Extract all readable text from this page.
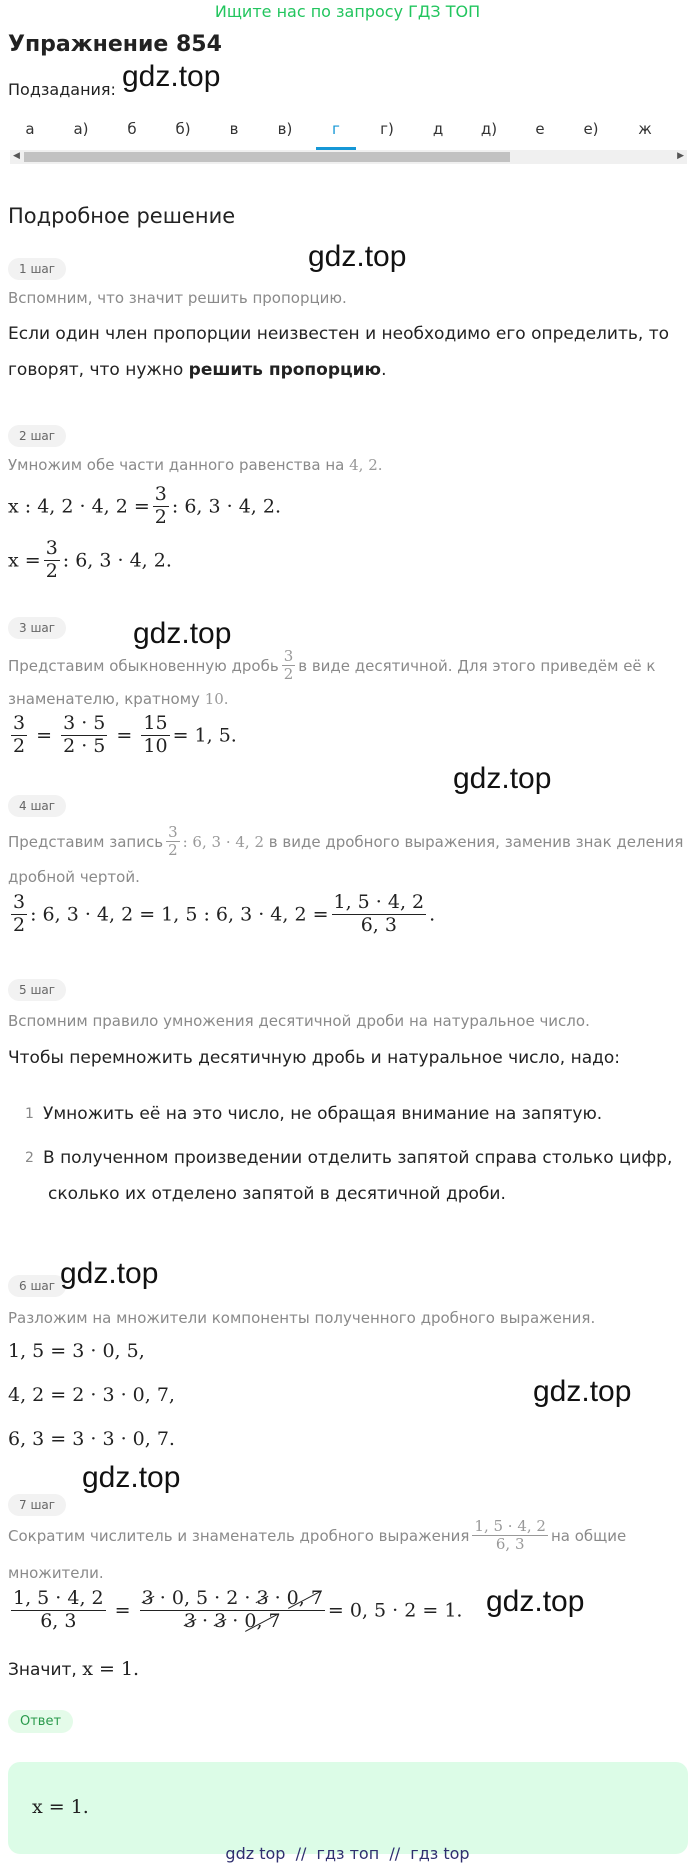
Ищите нас по запросу ГДЗ ТОП
Упражнение 854
Подзадания: gdz.top
а	а)	б	б)	в	в)	г	г)	д	д)	е	е)	ж
◀	▶
Подробное решение
1 шаг	gdz.top
Вспомним, что значит решить пропорцию.
Если один член пропорции неизвестен и необходимо его определить, то
говорят, что нужно решить пропорцию.
2 шаг
Умножим обе части данного равенства на 4, 2.
x : 4, 2 · 4, $2 = \frac{3}{2}$ : 6, 3 · 4, 2.
$x = \frac{3}{2}$ : 6, 3 · 4, 2.
3 шаг	gdz.top
Представим обыкновенную дробь $\frac{3}{2}$ в виде десятичной. Для этого приведём её к
знаменателю, кратному 10.
$\frac{3}{2} = \frac{3 \cdot 5}{2 \cdot 5} = \frac{15}{10} = 1$, 5.
gdz.top
4 шаг
Представим запись $\frac{3}{2}$ : 6, 3 · 4, 2 в виде дробного выражения, заменив знак деления
дробной чертой.
$\frac{3}{2}$ : 6, 3 · 4, 2 = 1, 5 : 6, 3 · 4, $2 = \frac{1, 5 \cdot 4, 2}{6, 3}$ .
5 шаг
Вспомним правило умножения десятичной дроби на натуральное число.
Чтобы перемножить десятичную дробь и натуральное число, надо:
1 Умножить её на это число, не обращая внимание на запятую.
2 В полученном произведении отделить запятой справа столько цифр,
сколько их отделено запятой в десятичной дроби.
6 шаг gdz.top
Разложим на множители компоненты полученного дробного выражения.
1, 5 = 3 · 0, 5,
4, 2 = 2 · 3 · 0, 7,	gdz.top
6, 3 = 3 · 3 · 0, 7.
gdz.top
7 шаг
Сократим числитель и знаменатель дробного выражения $\frac{1, 5 \cdot 4, 2}{6, 3}$ на общие
множители.
$\frac{1, 5 \cdot 4, 2}{6, 3} = \frac{3 \cdot 0, 5 \cdot 2 \cdot 3 \cdot 0, 7}{3 \cdot 3 \cdot 0, 7} = 0$, 5 · 2 = 1. gdz.top
Значит, x = 1.
Ответ
x = 1.
gdz top  //  гдз топ  //  гдз top
